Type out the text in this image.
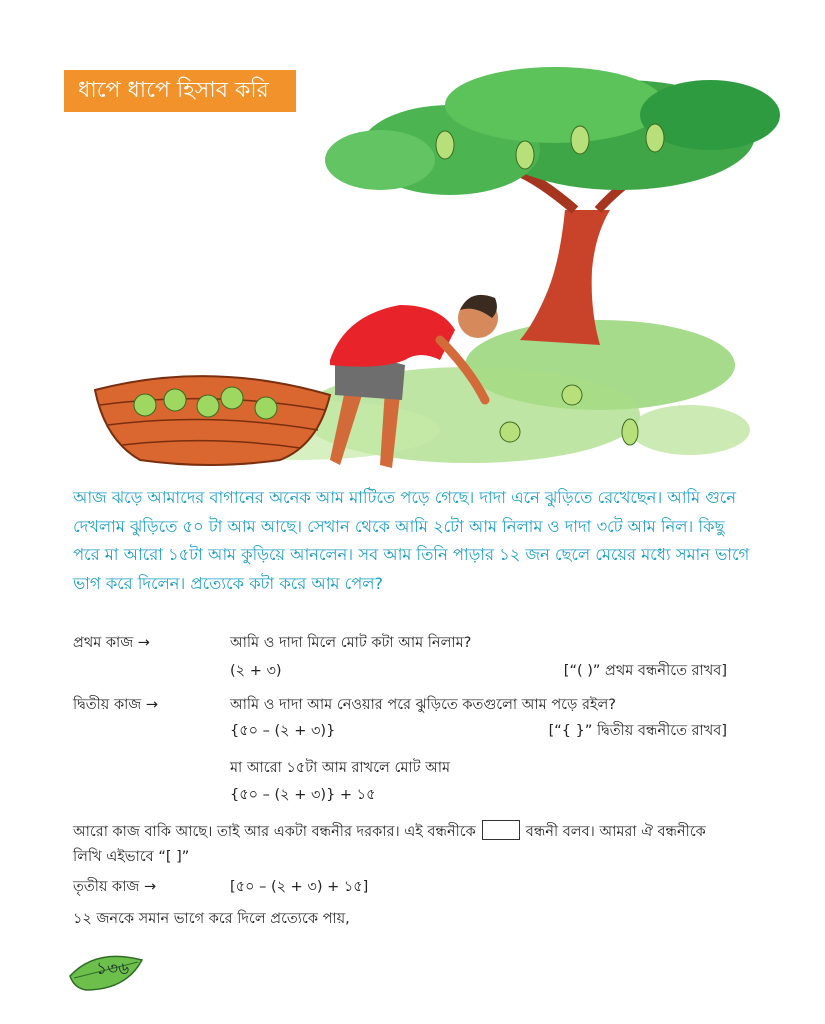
ধাপে ধাপে হিসাব করি
আজ ঝড়ে আমাদের বাগানের অনেক আম মাটিতে পড়ে গেছে। দাদা এনে ঝুড়িতে রেখেছেন। আমি গুনে দেখলাম ঝুড়িতে ৫০ টা আম আছে। সেখান থেকে আমি ২টো আম নিলাম ও দাদা ৩টে আম নিল। কিছু পরে মা আরো ১৫টা আম কুড়িয়ে আনলেন। সব আম তিনি পাড়ার ১২ জন ছেলে মেয়ের মধ্যে সমান ভাগে ভাগ করে দিলেন। প্রত্যেকে কটা করে আম পেল?
প্রথম কাজ →	আমি ও দাদা মিলে মোট কটা আম নিলাম?
(২ + ৩)	[“( )” প্রথম বন্ধনীতে রাখব]
দ্বিতীয় কাজ →	আমি ও দাদা আম নেওয়ার পরে ঝুড়িতে কতগুলো আম পড়ে রইল?
{৫০ – (২ + ৩)}	[“{ }” দ্বিতীয় বন্ধনীতে রাখব]
মা আরো ১৫টা আম রাখলে মোট আম
{৫০ – (২ + ৩)} + ১৫
আরো কাজ বাকি আছে। তাই আর একটা বন্ধনীর দরকার। এই বন্ধনীকে	বন্ধনী বলব। আমরা ঐ বন্ধনীকে
লিখি এইভাবে “[ ]”
তৃতীয় কাজ →	[৫০ – (২ + ৩) + ১৫]
১২ জনকে সমান ভাগে করে দিলে প্রত্যেকে পায়,
১৩৬
